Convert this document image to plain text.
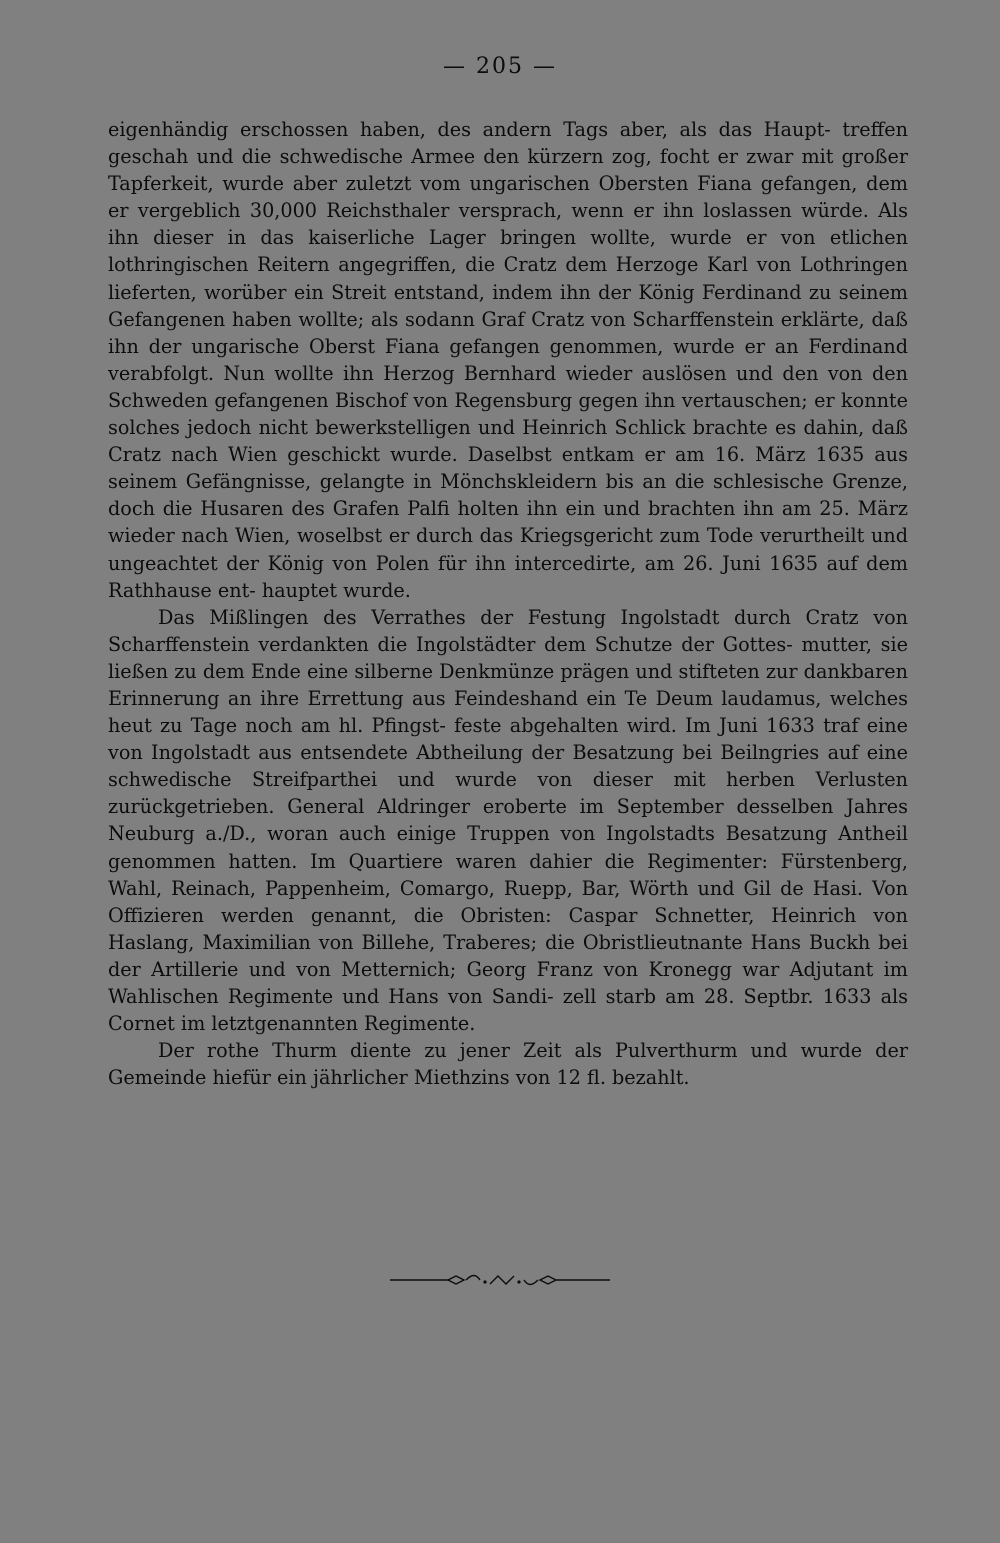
— 205 —

eigenhändig erschossen haben, des andern Tags aber, als das Haupt- treffen geschah und die schwedische Armee den kürzern zog, focht er zwar mit großer Tapferkeit, wurde aber zuletzt vom ungarischen Obersten Fiana gefangen, dem er vergeblich 30,000 Reichsthaler versprach, wenn er ihn loslassen würde. Als ihn dieser in das kaiserliche Lager bringen wollte, wurde er von etlichen lothringischen Reitern angegriffen, die Cratz dem Herzoge Karl von Lothringen lieferten, worüber ein Streit entstand, indem ihn der König Ferdinand zu seinem Gefangenen haben wollte; als sodann Graf Cratz von Scharffenstein erklärte, daß ihn der ungarische Oberst Fiana gefangen genommen, wurde er an Ferdinand verabfolgt. Nun wollte ihn Herzog Bernhard wieder auslösen und den von den Schweden gefangenen Bischof von Regensburg gegen ihn vertauschen; er konnte solches jedoch nicht bewerkstelligen und Heinrich Schlick brachte es dahin, daß Cratz nach Wien geschickt wurde. Daselbst entkam er am 16. März 1635 aus seinem Gefängnisse, gelangte in Mönchskleidern bis an die schlesische Grenze, doch die Husaren des Grafen Palfi holten ihn ein und brachten ihn am 25. März wieder nach Wien, woselbst er durch das Kriegsgericht zum Tode verurtheilt und ungeachtet der König von Polen für ihn intercedirte, am 26. Juni 1635 auf dem Rathhause ent- hauptet wurde.

Das Mißlingen des Verrathes der Festung Ingolstadt durch Cratz von Scharffenstein verdankten die Ingolstädter dem Schutze der Gottes- mutter, sie ließen zu dem Ende eine silberne Denkmünze prägen und stifteten zur dankbaren Erinnerung an ihre Errettung aus Feindeshand ein Te Deum laudamus, welches heut zu Tage noch am hl. Pfingst- feste abgehalten wird. Im Juni 1633 traf eine von Ingolstadt aus entsendete Abtheilung der Besatzung bei Beilngries auf eine schwedische Streifparthei und wurde von dieser mit herben Verlusten zurückgetrieben. General Aldringer eroberte im September desselben Jahres Neuburg a./D., woran auch einige Truppen von Ingolstadts Besatzung Antheil genommen hatten. Im Quartiere waren dahier die Regimenter: Fürstenberg, Wahl, Reinach, Pappenheim, Comargo, Ruepp, Bar, Wörth und Gil de Hasi. Von Offizieren werden genannt, die Obristen: Caspar Schnetter, Heinrich von Haslang, Maximilian von Billehe, Traberes; die Obristlieutnante Hans Buckh bei der Artillerie und von Metternich; Georg Franz von Kronegg war Adjutant im Wahlischen Regimente und Hans von Sandi- zell starb am 28. Septbr. 1633 als Cornet im letztgenannten Regimente.

Der rothe Thurm diente zu jener Zeit als Pulverthurm und wurde der Gemeinde hiefür ein jährlicher Miethzins von 12 fl. bezahlt.
